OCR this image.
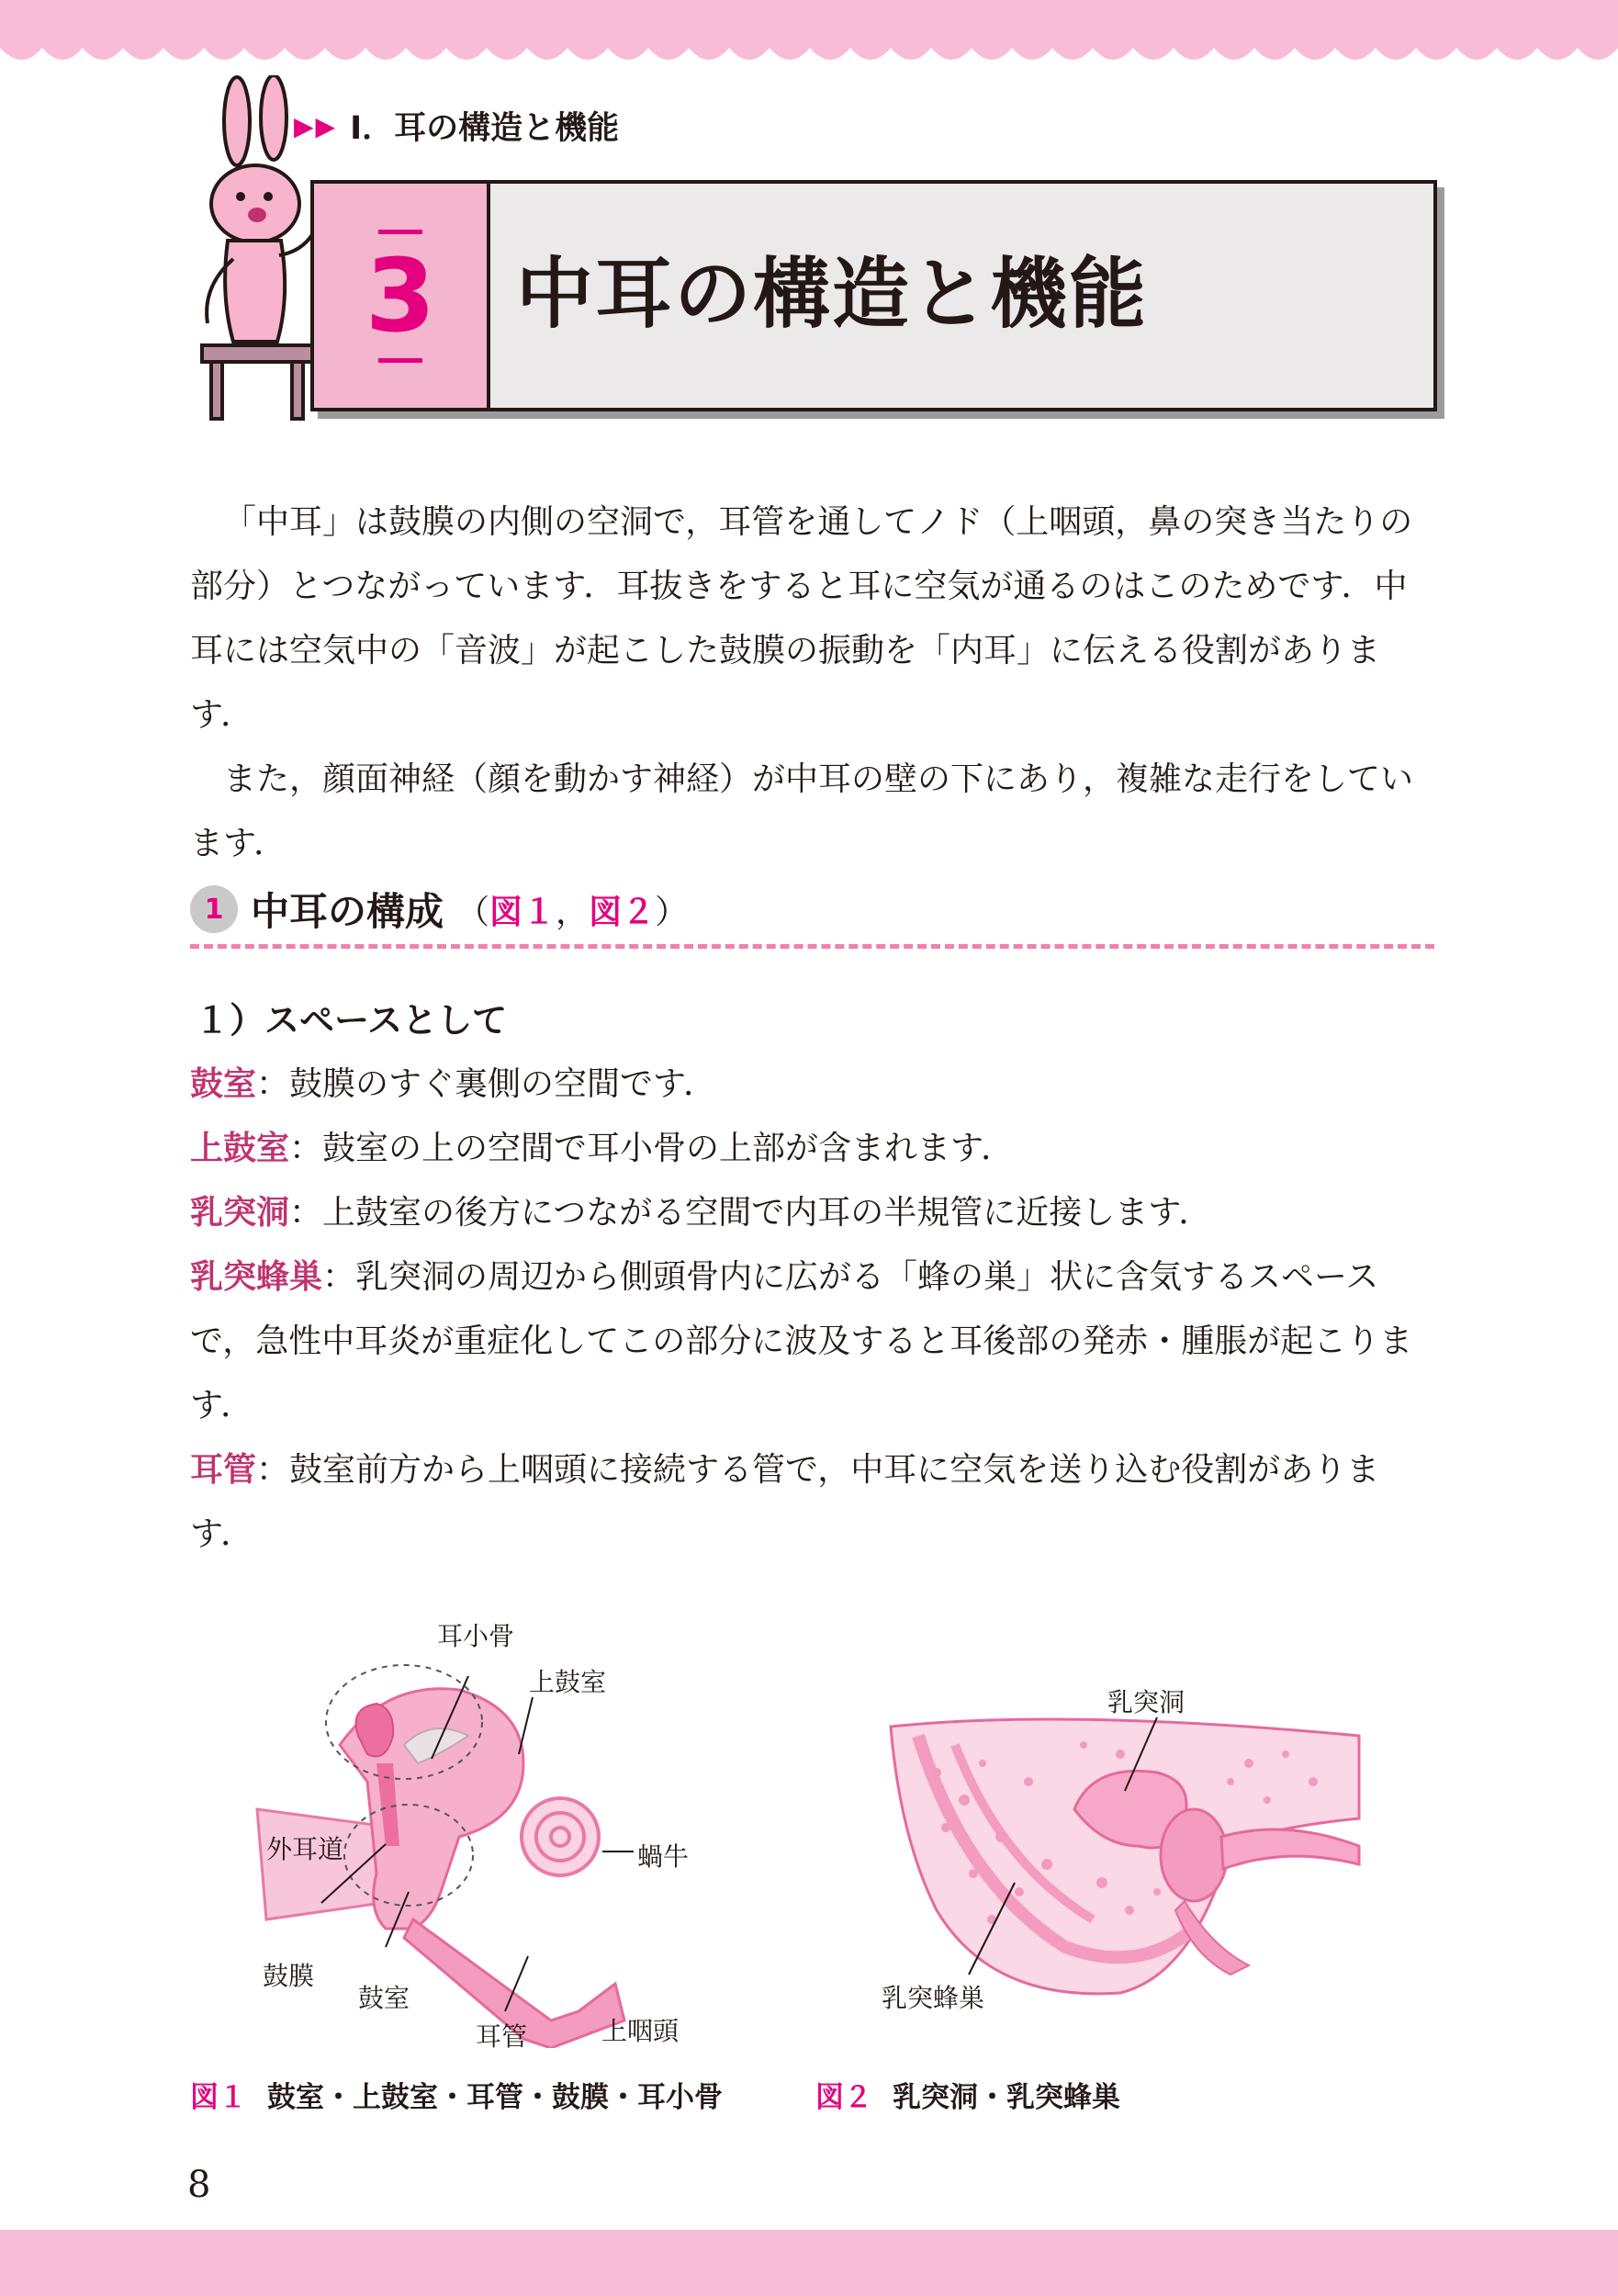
▶▶ Ⅰ．耳の構造と機能
3	中耳の構造と機能

「中耳」は鼓膜の内側の空洞で，耳管を通してノド（上咽頭，鼻の突き当たりの部分）とつながっています．耳抜きをすると耳に空気が通るのはこのためです．中耳には空気中の「音波」が起こした鼓膜の振動を「内耳」に伝える役割があります．

また，顔面神経（顔を動かす神経）が中耳の壁の下にあり，複雑な走行をしています．

1 中耳の構成 （図１，図２）
１）スペースとして

鼓室：鼓膜のすぐ裏側の空間です．

上鼓室：鼓室の上の空間で耳小骨の上部が含まれます．

乳突洞：上鼓室の後方につながる空間で内耳の半規管に近接します．

乳突蜂巣：乳突洞の周辺から側頭骨内に広がる「蜂の巣」状に含気するスペースで，急性中耳炎が重症化してこの部分に波及すると耳後部の発赤・腫脹が起こります．

耳管：鼓室前方から上咽頭に接続する管で，中耳に空気を送り込む役割があります．

耳小骨
上鼓室
外耳道	蝸牛
鼓膜
鼓室
耳管	上咽頭
乳突洞
乳突蜂巣
図１ 鼓室・上鼓室・耳管・鼓膜・耳小骨	図２ 乳突洞・乳突蜂巣
8
